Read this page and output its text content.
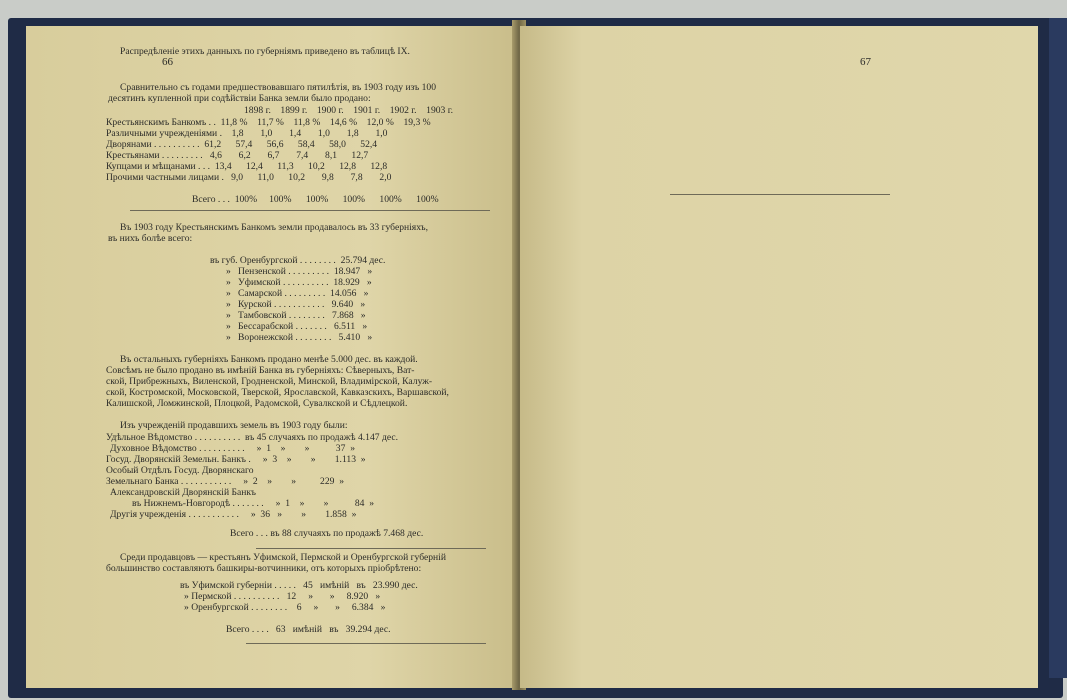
66
Распредѣленіе этихъ данныхъ по губерніямъ приведено въ таблицѣ IX.
Сравнительно съ годами предшествовавшаго пятилѣтія, въ 1903 году изъ 100
десятинъ купленной при содѣйствіи Банка земли было продано:
1898 г.    1899 г.    1900 г.    1901 г.    1902 г.    1903 г.
Крестьянскимъ Банкомъ . .  11,8 %    11,7 %    11,8 %    14,6 %    12,0 %    19,3 %
Различными учрежденіями .    1,8       1,0       1,4       1,0       1,8       1,0
Дворянами . . . . . . . . . .  61,2      57,4      56,6      58,4      58,0      52,4
Крестьянами . . . . . . . . .   4,6       6,2       6,7       7,4       8,1      12,7
Купцами и мѣщанами . . .  13,4      12,4      11,3      10,2      12,8      12,8
Прочими частными лицами .   9,0      11,0      10,2       9,8       7,8       2,0
Всего . . .  100%     100%      100%      100%      100%      100%
Въ 1903 году Крестьянскимъ Банкомъ земли продавалось въ 33 губерніяхъ,
въ нихъ болѣе всего:
въ губ. Оренбургской . . . . . . . .  25.794 дес.
»   Пензенской . . . . . . . . .  18.947   »
»   Уфимской . . . . . . . . . .  18.929   »
»   Самарской . . . . . . . . .  14.056   »
»   Курской . . . . . . . . . . .   9.640   »
»   Тамбовской . . . . . . . .   7.868   »
»   Бессарабской . . . . . . .   6.511   »
»   Воронежской . . . . . . . .   5.410   »
Въ остальныхъ губерніяхъ Банкомъ продано менѣе 5.000 дес. въ каждой.
Совсѣмъ не было продано въ имѣній Банка въ губерніяхъ: Сѣверныхъ, Ват-
ской, Прибрежныхъ, Виленской, Гродненской, Минской, Владимірской, Калуж-
ской, Костромской, Московской, Тверской, Ярославской, Кавказскихъ, Варшавской,
Калишской, Ломжинской, Плоцкой, Радомской, Сувалкской и Сѣдлецкой.
Изъ учрежденій продавшихъ земель въ 1903 году были:
Удѣльное Вѣдомство . . . . . . . . . .  въ 45 случаяхъ по продажѣ 4.147 дес.
Духовное Вѣдомство . . . . . . . . . .     »  1    »        »           37  »
Госуд. Дворянскій Земельн. Банкъ .     »  3    »        »        1.113  »
Особый Отдѣлъ Госуд. Дворянскаго
Земельнаго Банка . . . . . . . . . . .     »  2    »        »          229  »
Александровскій Дворянскій Банкъ
въ Нижнемъ-Новгородѣ . . . . . . .     »  1    »        »           84  »
Другія учрежденія . . . . . . . . . . .     »  36   »        »        1.858  »
Всего . . . въ 88 случаяхъ по продажѣ 7.468 дес.
Среди продавцовъ — крестьянъ Уфимской, Пермской и Оренбургской губерній
большинство составляютъ башкиры-вотчинники, отъ которыхъ пріобрѣтено:
въ Уфимской губерніи . . . . .   45   имѣній   въ   23.990 дес.
» Пермской . . . . . . . . . .   12     »       »     8.920   »
» Оренбургской . . . . . . . .    6     »       »     6.384   »
Всего . . . .   63   имѣній   въ   39.294 дес.
67
